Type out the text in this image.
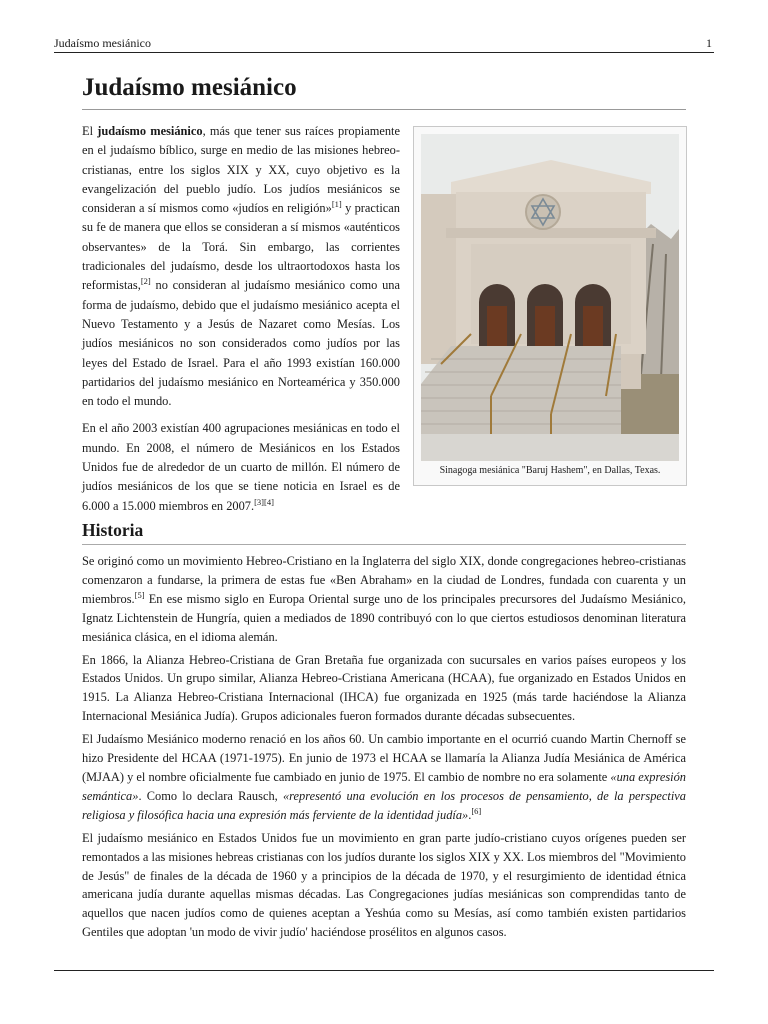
Judaísmo mesiánico	1
Judaísmo mesiánico

El judaísmo mesiánico, más que tener sus raíces propiamente en el judaísmo bíblico, surge en medio de las misiones hebreo-cristianas, entre los siglos XIX y XX, cuyo objetivo es la evangelización del pueblo judío. Los judíos mesiánicos se consideran a sí mismos como «judíos en religión»[1] y practican su fe de manera que ellos se consideran a sí mismos «auténticos observantes» de la Torá. Sin embargo, las corrientes tradicionales del judaísmo, desde los ultraortodoxos hasta los reformistas,[2] no consideran al judaísmo mesiánico como una forma de judaísmo, debido que el judaísmo mesiánico acepta el Nuevo Testamento y a Jesús de Nazaret como Mesías. Los judíos mesiánicos no son considerados como judíos por las leyes del Estado de Israel. Para el año 1993 existían 160.000 partidarios del judaísmo mesiánico en Norteamérica y 350.000 en todo el mundo.

En el año 2003 existían 400 agrupaciones mesiánicas en todo el mundo. En 2008, el número de Mesiánicos en los Estados Unidos fue de alrededor de un cuarto de millón. El número de judíos mesiánicos de los que se tiene noticia en Israel es de 6.000 a 15.000 miembros en 2007.[3][4]

Sinagoga mesiánica "Baruj Hashem", en Dallas, Texas.
Historia

Se originó como un movimiento Hebreo-Cristiano en la Inglaterra del siglo XIX, donde congregaciones hebreo-cristianas comenzaron a fundarse, la primera de estas fue «Ben Abraham» en la ciudad de Londres, fundada con cuarenta y un miembros.[5] En ese mismo siglo en Europa Oriental surge uno de los principales precursores del Judaísmo Mesiánico, Ignatz Lichtenstein de Hungría, quien a mediados de 1890 contribuyó con lo que ciertos estudiosos denominan literatura mesiánica clásica, en el idioma alemán.

En 1866, la Alianza Hebreo-Cristiana de Gran Bretaña fue organizada con sucursales en varios países europeos y los Estados Unidos. Un grupo similar, Alianza Hebreo-Cristiana Americana (HCAA), fue organizado en Estados Unidos en 1915. La Alianza Hebreo-Cristiana Internacional (IHCA) fue organizada en 1925 (más tarde haciéndose la Alianza Internacional Mesiánica Judía). Grupos adicionales fueron formados durante décadas subsecuentes.

El Judaísmo Mesiánico moderno renació en los años 60. Un cambio importante en el ocurrió cuando Martin Chernoff se hizo Presidente del HCAA (1971-1975). En junio de 1973 el HCAA se llamaría la Alianza Judía Mesiánica de América (MJAA) y el nombre oficialmente fue cambiado en junio de 1975. El cambio de nombre no era solamente «una expresión semántica». Como lo declara Rausch, «representó una evolución en los procesos de pensamiento, de la perspectiva religiosa y filosófica hacia una expresión más ferviente de la identidad judía».[6]

El judaísmo mesiánico en Estados Unidos fue un movimiento en gran parte judío-cristiano cuyos orígenes pueden ser remontados a las misiones hebreas cristianas con los judíos durante los siglos XIX y XX. Los miembros del "Movimiento de Jesús" de finales de la década de 1960 y a principios de la década de 1970, y el resurgimiento de identidad étnica americana judía durante aquellas mismas décadas. Las Congregaciones judías mesiánicas son comprendidas tanto de aquellos que nacen judíos como de quienes aceptan a Yeshúa como su Mesías, así como también existen partidarios Gentiles que adoptan 'un modo de vivir judío' haciéndose prosélitos en algunos casos.
